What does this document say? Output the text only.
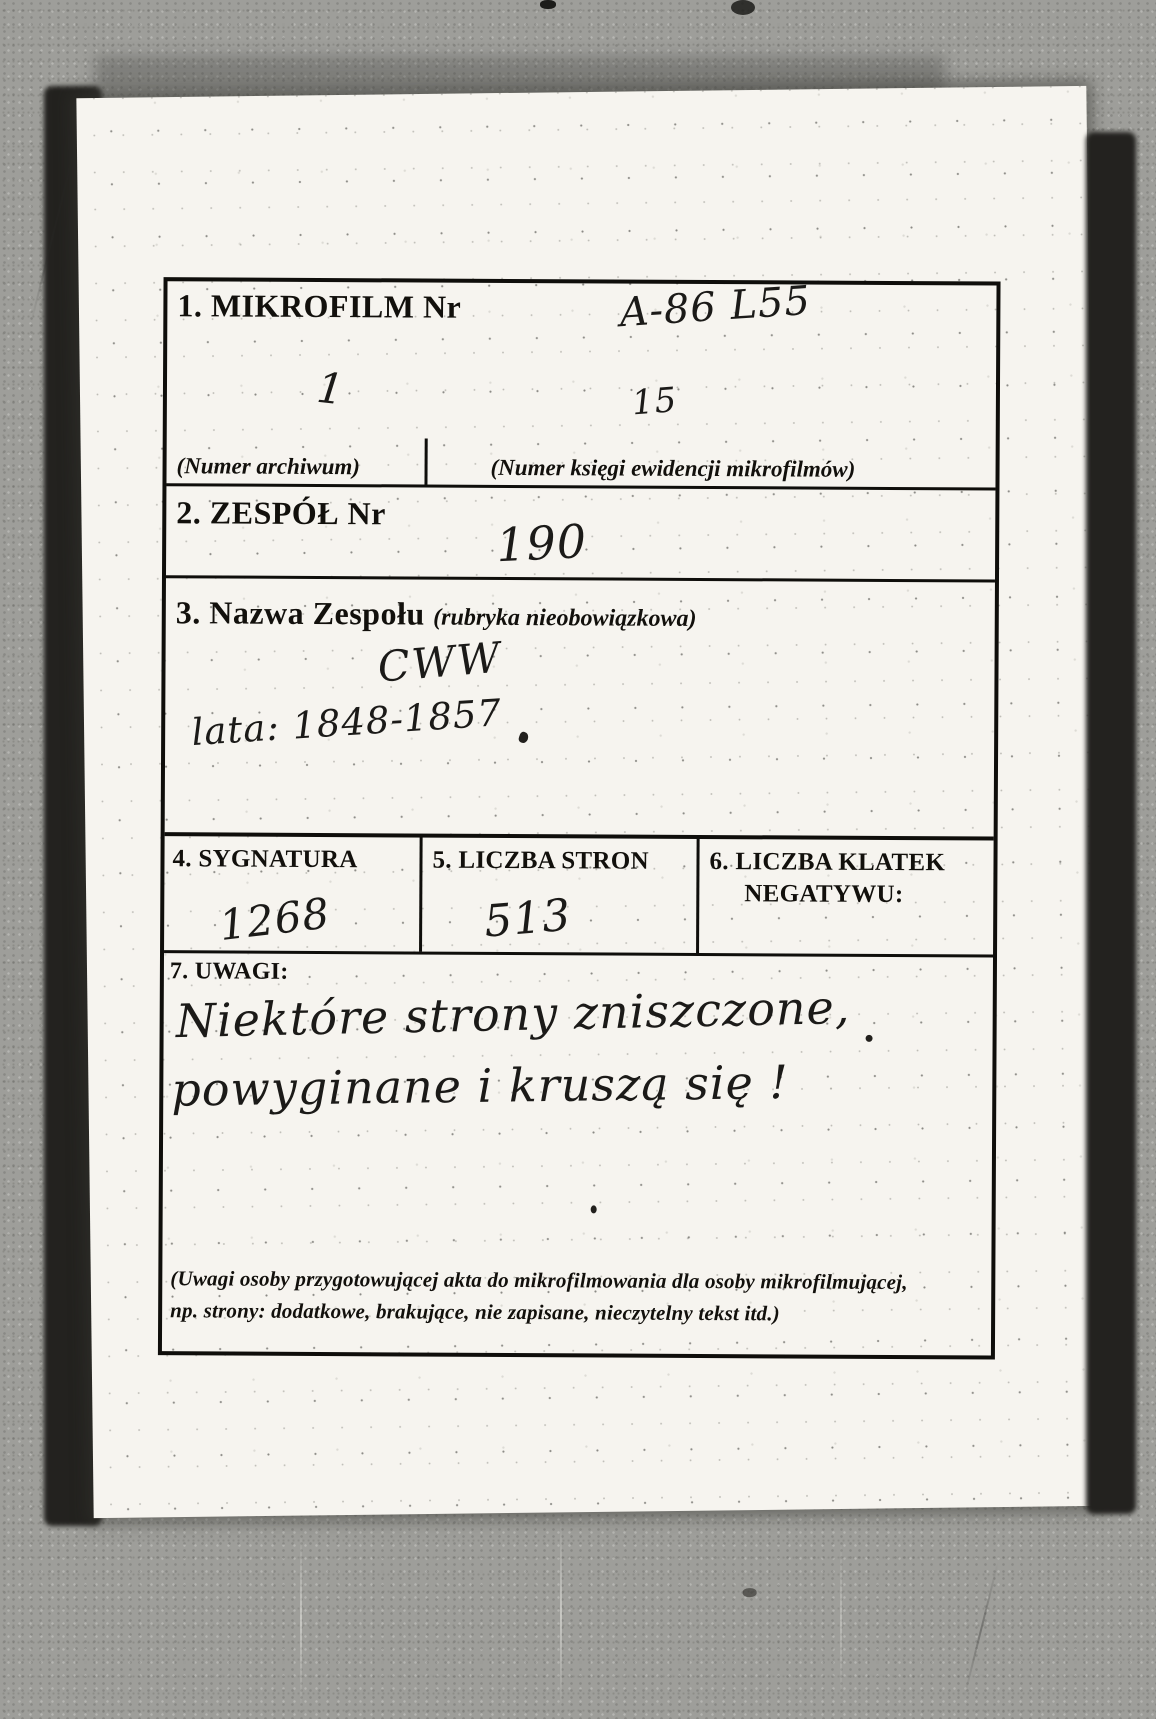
1. MIKROFILM Nr	A-86 L55
1	15
(Numer archiwum)	(Numer księgi ewidencji mikrofilmów)
2. ZESPÓŁ Nr
190
3. Nazwa Zespołu (rubryka nieobowiązkowa)
CWW
lata: 1848-1857
4. SYGNATURA	5. LICZBA STRON 6. LICZBA KLATEK
NEGATYWU:
1268	513
7. UWAGI:
Niektóre strony zniszczone,
powyginane i kruszą się !
(Uwagi osoby przygotowującej akta do mikrofilmowania dla osoby mikrofilmującej,
np. strony: dodatkowe, brakujące, nie zapisane, nieczytelny tekst itd.)
